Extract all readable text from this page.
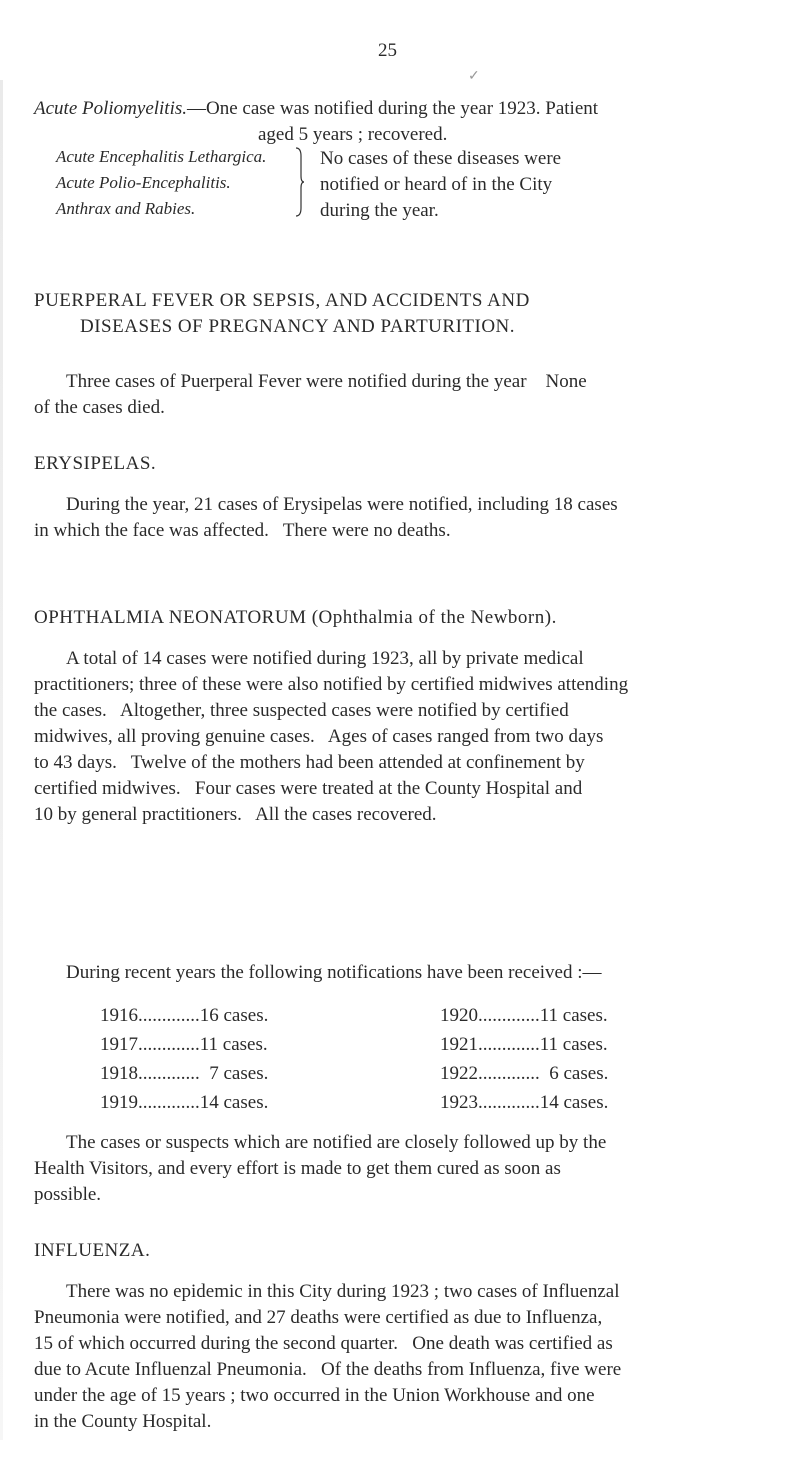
25
✓
Acute Poliomyelitis.—One case was notified during the year 1923. Patient
aged 5 years ; recovered.
Acute Encephalitis Lethargica.
Acute Polio-Encephalitis.
Anthrax and Rabies.
No cases of these diseases were
notified or heard of in the City
during the year.
PUERPERAL FEVER OR SEPSIS, AND ACCIDENTS AND
DISEASES OF PREGNANCY AND PARTURITION.
Three cases of Puerperal Fever were notified during the year    None
of the cases died.
ERYSIPELAS.
During the year, 21 cases of Erysipelas were notified, including 18 cases
in which the face was affected.   There were no deaths.
OPHTHALMIA NEONATORUM (Ophthalmia of the Newborn).
A total of 14 cases were notified during 1923, all by private medical
practitioners; three of these were also notified by certified midwives attending
the cases.   Altogether, three suspected cases were notified by certified
midwives, all proving genuine cases.   Ages of cases ranged from two days
to 43 days.   Twelve of the mothers had been attended at confinement by
certified midwives.   Four cases were treated at the County Hospital and
10 by general practitioners.   All the cases recovered.
During recent years the following notifications have been received :—
1916.............16 cases.	1920.............11 cases.
1917.............11 cases.	1921.............11 cases.
1918.............  7 cases.	1922.............  6 cases.
1919.............14 cases.	1923.............14 cases.
The cases or suspects which are notified are closely followed up by the
Health Visitors, and every effort is made to get them cured as soon as
possible.
INFLUENZA.
There was no epidemic in this City during 1923 ; two cases of Influenzal
Pneumonia were notified, and 27 deaths were certified as due to Influenza,
15 of which occurred during the second quarter.   One death was certified as
due to Acute Influenzal Pneumonia.   Of the deaths from Influenza, five were
under the age of 15 years ; two occurred in the Union Workhouse and one
in the County Hospital.
